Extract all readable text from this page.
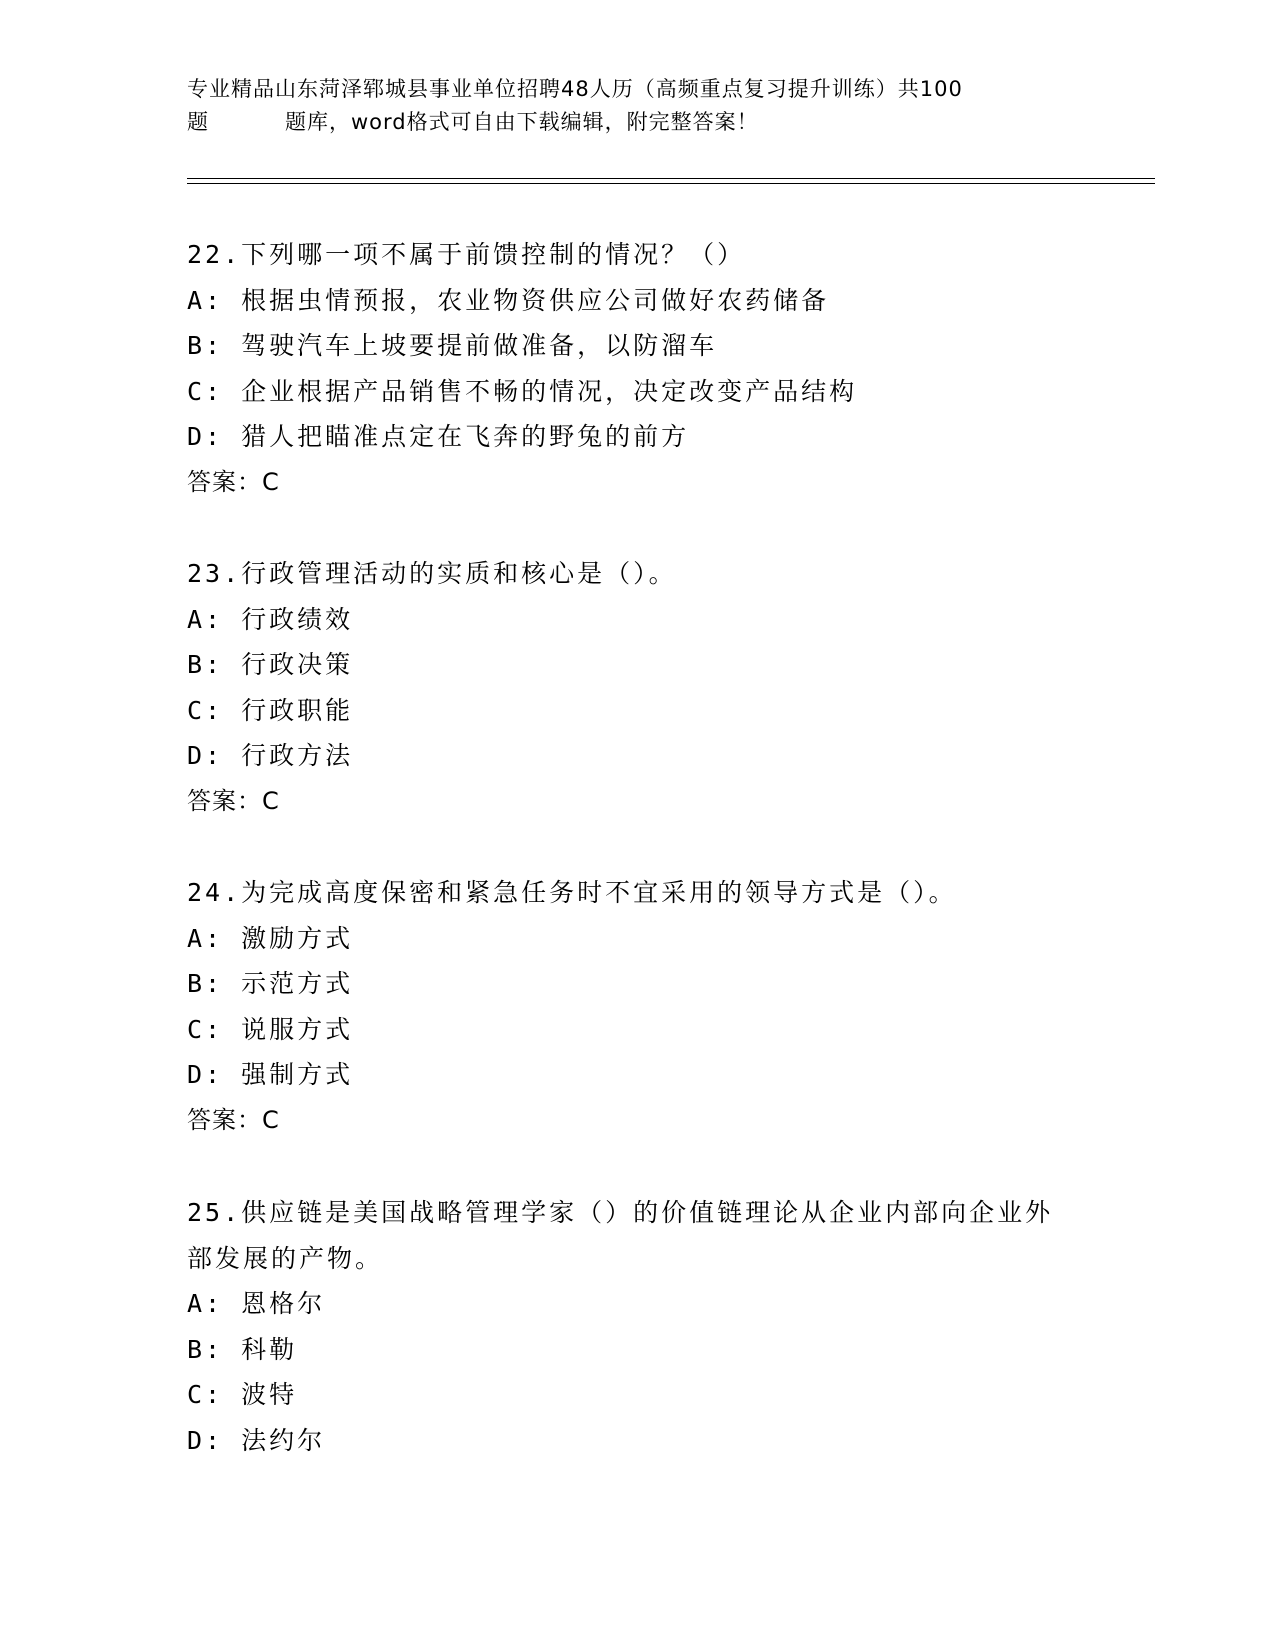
专业精品山东菏泽郓城县事业单位招聘48人历（高频重点复习提升训练）共100
题	题库，word格式可自由下载编辑，附完整答案！
22.下列哪一项不属于前馈控制的情况？（）
A: 根据虫情预报，农业物资供应公司做好农药储备
B: 驾驶汽车上坡要提前做准备，以防溜车
C: 企业根据产品销售不畅的情况，决定改变产品结构
D: 猎人把瞄准点定在飞奔的野兔的前方
答案：C
23.行政管理活动的实质和核心是（）。
A: 行政绩效
B: 行政决策
C: 行政职能
D: 行政方法
答案：C
24.为完成高度保密和紧急任务时不宜采用的领导方式是（）。
A: 激励方式
B: 示范方式
C: 说服方式
D: 强制方式
答案：C
25.供应链是美国战略管理学家（）的价值链理论从企业内部向企业外
部发展的产物。
A: 恩格尔
B: 科勒
C: 波特
D: 法约尔
